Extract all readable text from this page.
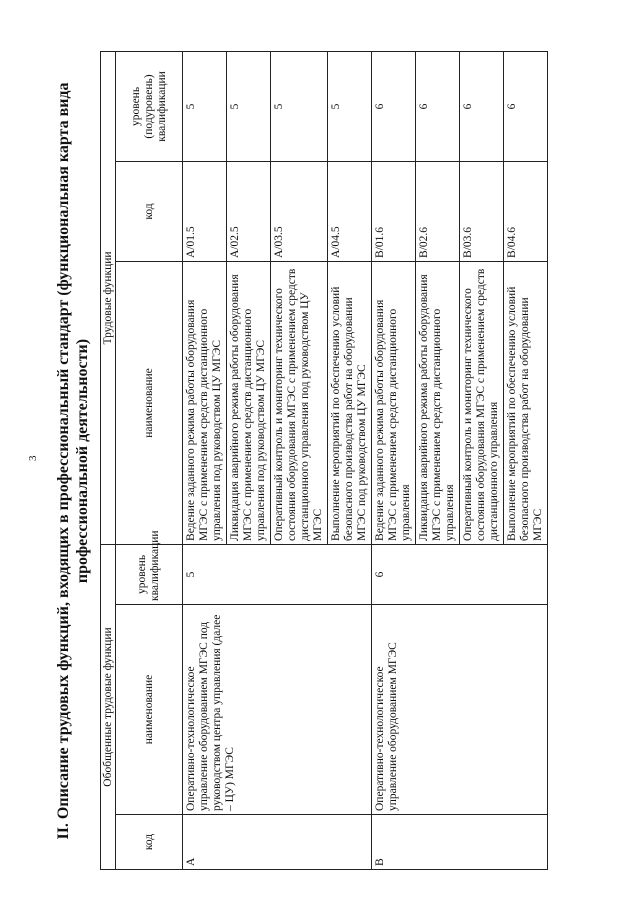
3 II. Описание трудовых функций, входящих в профессиональный стандарт (функциональная карта вида профессиональной деятельности)
Обобщенные трудовые функции			Трудовые функции		
код	наименование	уровень квалификации	наименование	код	уровень (подуровень) квалификации
A	Оперативно-технологическое управление оборудованием МГЭС под руководством центра управления (далее – ЦУ) МГЭС	5	Ведение заданного режима работы оборудования МГЭС с применением средств дистанционного управления под руководством ЦУ МГЭС	A/01.5	5
			Ликвидация аварийного режима работы оборудования МГЭС с применением средств дистанционного управления под руководством ЦУ МГЭС	A/02.5	5
			Оперативный контроль и мониторинг технического состояния оборудования МГЭС с применением средств дистанционного управления под руководством ЦУ МГЭС	A/03.5	5
			Выполнение мероприятий по обеспечению условий безопасного производства работ на оборудовании МГЭС под руководством ЦУ МГЭС	A/04.5	5
B	Оперативно-технологическое управление оборудованием МГЭС	6	Ведение заданного режима работы оборудования МГЭС с применением средств дистанционного управления	B/01.6	6
			Ликвидация аварийного режима работы оборудования МГЭС с применением средств дистанционного управления	B/02.6	6
			Оперативный контроль и мониторинг технического состояния оборудования МГЭС с применением средств дистанционного управления	B/03.6	6
			Выполнение мероприятий по обеспечению условий безопасного производства работ на оборудовании МГЭС	B/04.6	6
